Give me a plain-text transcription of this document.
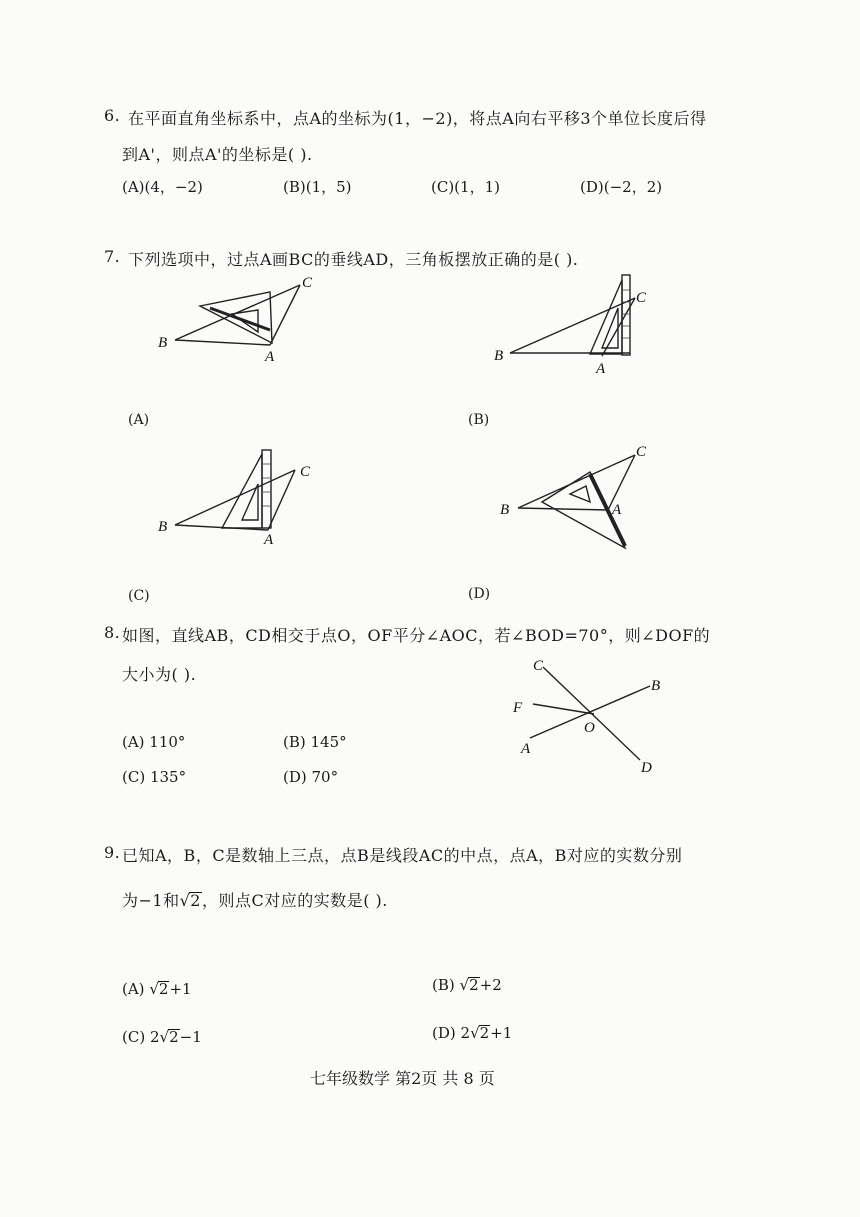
6. 在平面直角坐标系中，点A的坐标为(1，−2)，将点A向右平移3个单位长度后得
到A'，则点A'的坐标是( ).
(A)(4，−2)	(B)(1，5)	(C)(1，1)	(D)(−2，2)
7. 下列选项中，过点A画BC的垂线AD，三角板摆放正确的是( ).
C
B
A
(A)
C
B
A
(B)
C
B
A
(C)
C
B	A
(D)
8. 如图，直线AB，CD相交于点O，OF平分∠AOC，若∠BOD=70°，则∠DOF的
大小为( ).
(A) 110°	(B) 145°
(C) 135°	(D) 70°
C
B
F
O
A
D
9. 已知A，B，C是数轴上三点，点B是线段AC的中点，点A，B对应的实数分别
为−1和√2，则点C对应的实数是( ).
(A) √2+1	(B) √2+2
(C) 2√2−1	(D) 2√2+1
七年级数学 第2页 共 8 页
